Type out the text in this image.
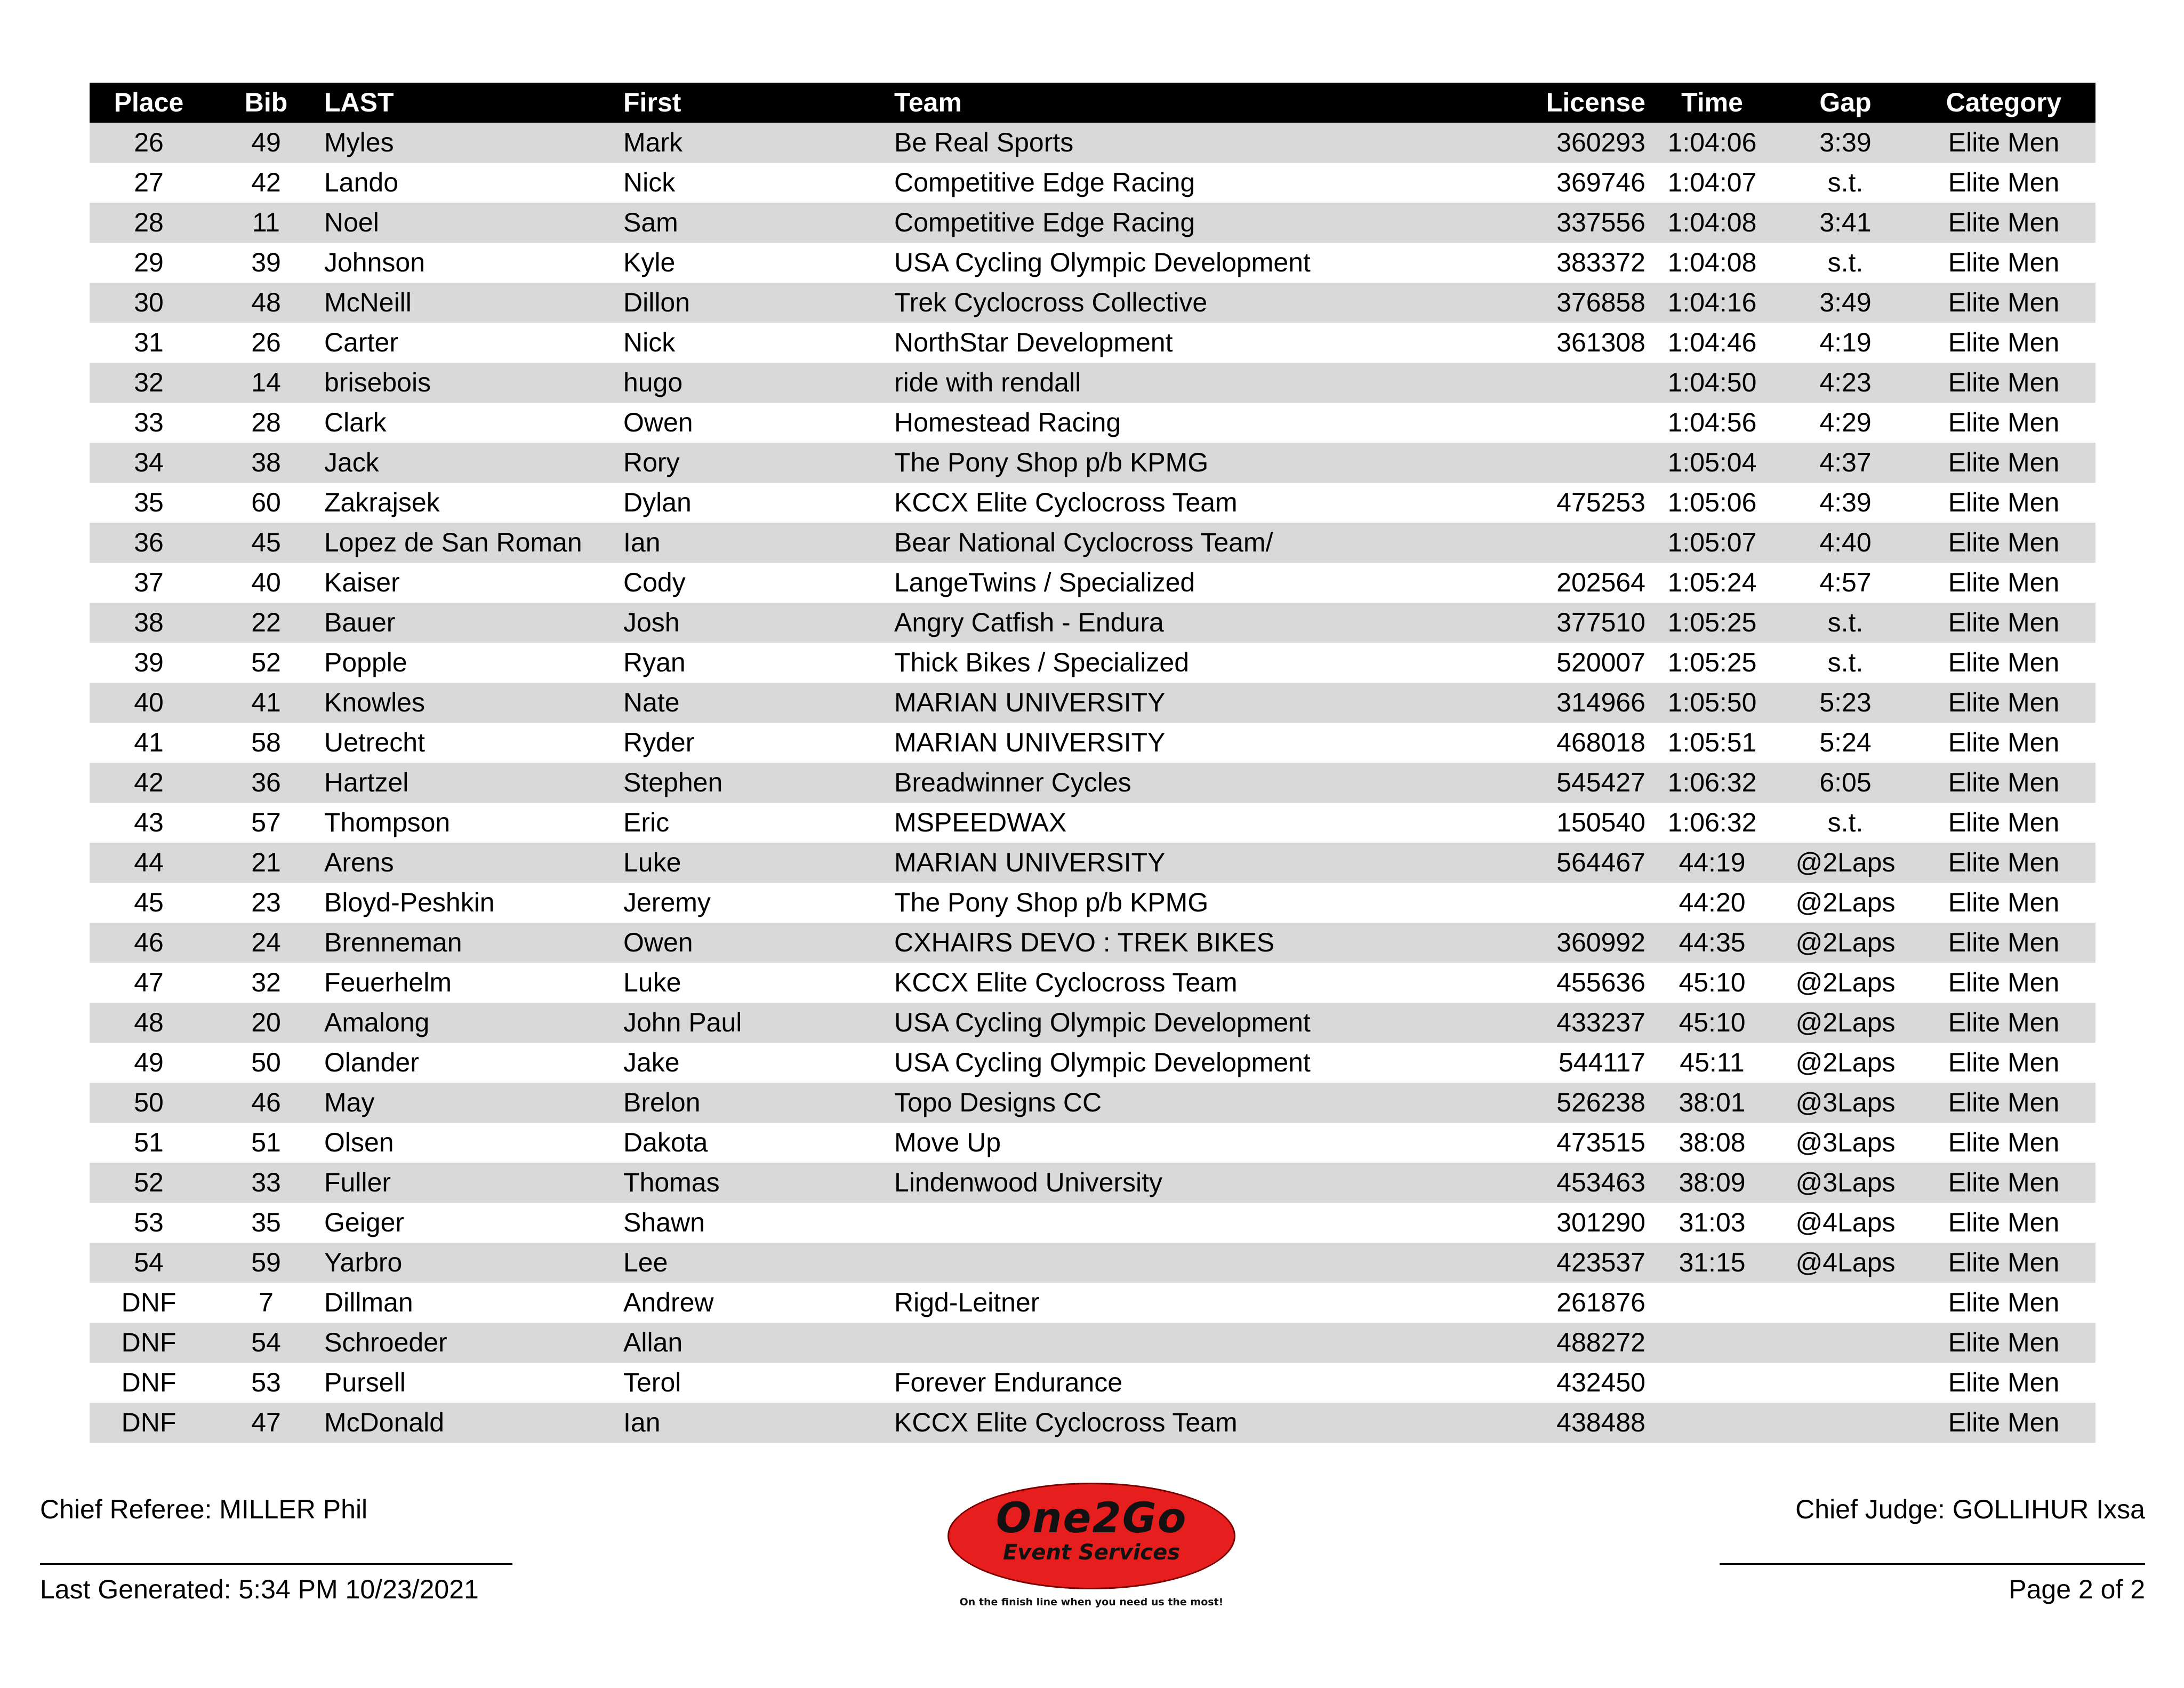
Place	Bib	LAST	First	Team	License	Time	Gap	Category
26	49	Myles	Mark	Be Real Sports	360293	1:04:06	3:39	Elite Men
27	42	Lando	Nick	Competitive Edge Racing	369746	1:04:07	s.t.	Elite Men
28	11	Noel	Sam	Competitive Edge Racing	337556	1:04:08	3:41	Elite Men
29	39	Johnson	Kyle	USA Cycling Olympic Development	383372	1:04:08	s.t.	Elite Men
30	48	McNeill	Dillon	Trek Cyclocross Collective	376858	1:04:16	3:49	Elite Men
31	26	Carter	Nick	NorthStar Development	361308	1:04:46	4:19	Elite Men
32	14	brisebois	hugo	ride with rendall		1:04:50	4:23	Elite Men
33	28	Clark	Owen	Homestead Racing		1:04:56	4:29	Elite Men
34	38	Jack	Rory	The Pony Shop p/b KPMG		1:05:04	4:37	Elite Men
35	60	Zakrajsek	Dylan	KCCX Elite Cyclocross Team	475253	1:05:06	4:39	Elite Men
36	45	Lopez de San Roman	Ian	Bear National Cyclocross Team/		1:05:07	4:40	Elite Men
37	40	Kaiser	Cody	LangeTwins / Specialized	202564	1:05:24	4:57	Elite Men
38	22	Bauer	Josh	Angry Catfish - Endura	377510	1:05:25	s.t.	Elite Men
39	52	Popple	Ryan	Thick Bikes / Specialized	520007	1:05:25	s.t.	Elite Men
40	41	Knowles	Nate	MARIAN UNIVERSITY	314966	1:05:50	5:23	Elite Men
41	58	Uetrecht	Ryder	MARIAN UNIVERSITY	468018	1:05:51	5:24	Elite Men
42	36	Hartzel	Stephen	Breadwinner Cycles	545427	1:06:32	6:05	Elite Men
43	57	Thompson	Eric	MSPEEDWAX	150540	1:06:32	s.t.	Elite Men
44	21	Arens	Luke	MARIAN UNIVERSITY	564467	44:19	@2Laps	Elite Men
45	23	Bloyd-Peshkin	Jeremy	The Pony Shop p/b KPMG		44:20	@2Laps	Elite Men
46	24	Brenneman	Owen	CXHAIRS DEVO : TREK BIKES	360992	44:35	@2Laps	Elite Men
47	32	Feuerhelm	Luke	KCCX Elite Cyclocross Team	455636	45:10	@2Laps	Elite Men
48	20	Amalong	John Paul	USA Cycling Olympic Development	433237	45:10	@2Laps	Elite Men
49	50	Olander	Jake	USA Cycling Olympic Development	544117	45:11	@2Laps	Elite Men
50	46	May	Brelon	Topo Designs CC	526238	38:01	@3Laps	Elite Men
51	51	Olsen	Dakota	Move Up	473515	38:08	@3Laps	Elite Men
52	33	Fuller	Thomas	Lindenwood University	453463	38:09	@3Laps	Elite Men
53	35	Geiger	Shawn		301290	31:03	@4Laps	Elite Men
54	59	Yarbro	Lee		423537	31:15	@4Laps	Elite Men
DNF	7	Dillman	Andrew	Rigd-Leitner	261876			Elite Men
DNF	54	Schroeder	Allan		488272			Elite Men
DNF	53	Pursell	Terol	Forever Endurance	432450			Elite Men
DNF	47	McDonald	Ian	KCCX Elite Cyclocross Team	438488			Elite Men
Chief Referee: MILLER Phil
Last Generated: 5:34 PM 10/23/2021
Chief Judge: GOLLIHUR Ixsa
Page 2 of 2
One2Go
Event Services
On the finish line when you need us the most!
